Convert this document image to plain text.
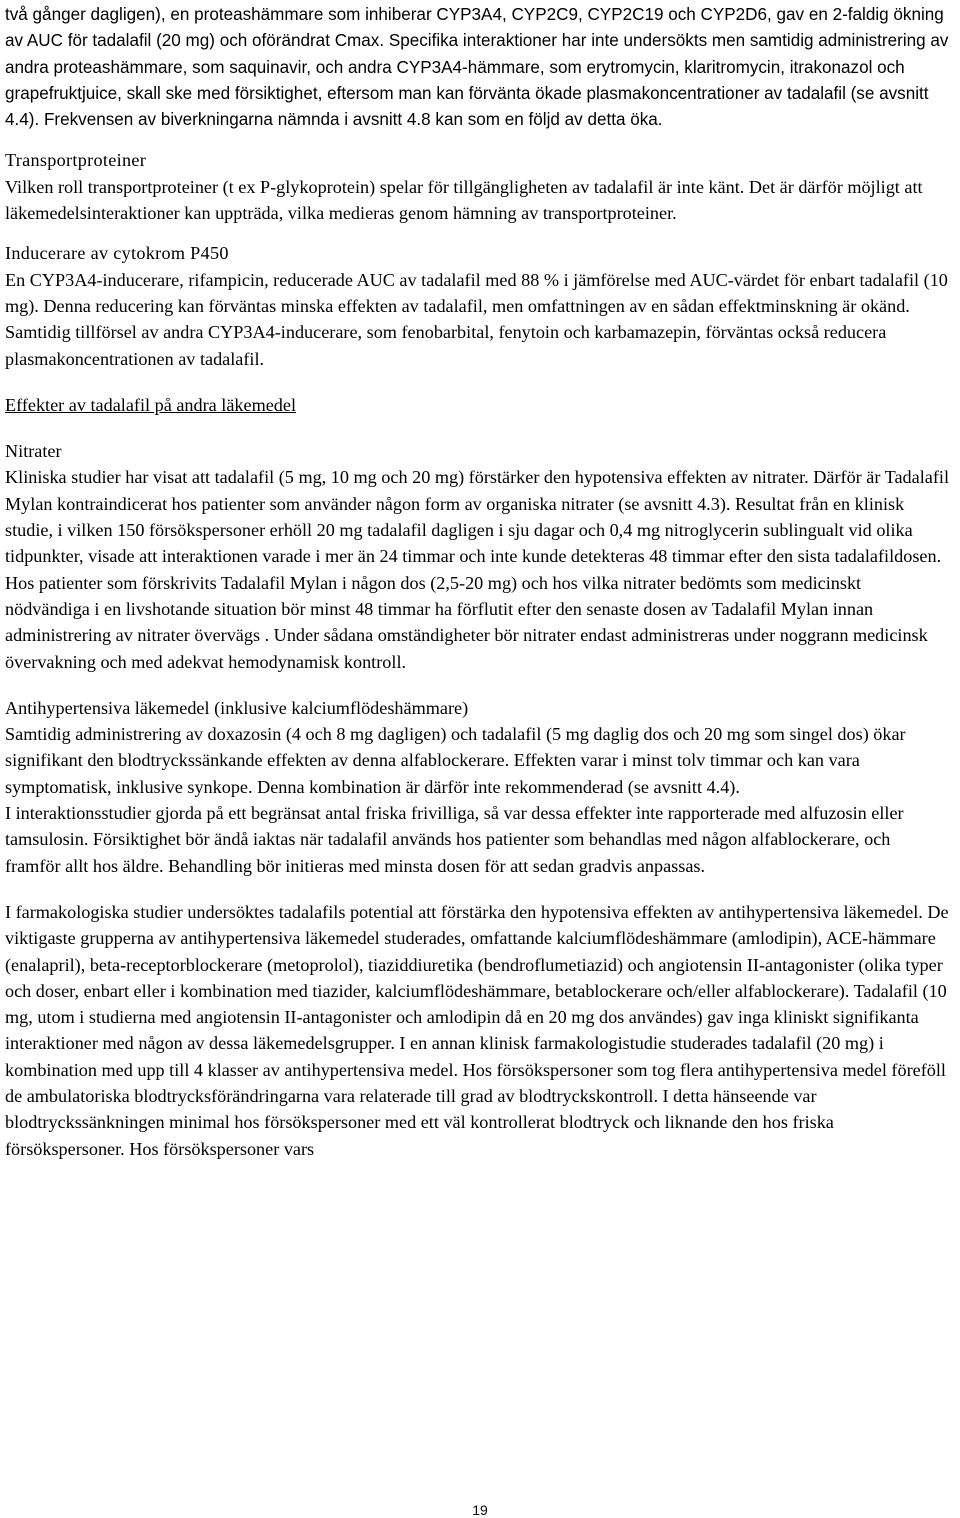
två gånger dagligen), en proteashämmare som inhiberar CYP3A4, CYP2C9, CYP2C19 och CYP2D6, gav en 2-faldig ökning av AUC för tadalafil (20 mg) och oförändrat Cmax. Specifika interaktioner har inte undersökts men samtidig administrering av andra proteashämmare, som saquinavir, och andra CYP3A4-hämmare, som erytromycin, klaritromycin, itrakonazol och grapefruktjuice, skall ske med försiktighet, eftersom man kan förvänta ökade plasmakoncentrationer av tadalafil (se avsnitt 4.4). Frekvensen av biverkningarna nämnda i avsnitt 4.8 kan som en följd av detta öka.

Transportproteiner

Vilken roll transportproteiner (t ex P-glykoprotein) spelar för tillgängligheten av tadalafil är inte känt. Det är därför möjligt att läkemedelsinteraktioner kan uppträda, vilka medieras genom hämning av transportproteiner.

Inducerare av cytokrom P450

En CYP3A4-inducerare, rifampicin, reducerade AUC av tadalafil med 88 % i jämförelse med AUC-värdet för enbart tadalafil (10 mg). Denna reducering kan förväntas minska effekten av tadalafil, men omfattningen av en sådan effektminskning är okänd. Samtidig tillförsel av andra CYP3A4-inducerare, som fenobarbital, fenytoin och karbamazepin, förväntas också reducera plasmakoncentrationen av tadalafil.

Effekter av tadalafil på andra läkemedel

Nitrater

Kliniska studier har visat att tadalafil (5 mg, 10 mg och 20 mg) förstärker den hypotensiva effekten av nitrater. Därför är Tadalafil Mylan kontraindicerat hos patienter som använder någon form av organiska nitrater (se avsnitt 4.3). Resultat från en klinisk studie, i vilken 150 försökspersoner erhöll 20 mg tadalafil dagligen i sju dagar och 0,4 mg nitroglycerin sublingualt vid olika tidpunkter, visade att interaktionen varade i mer än 24 timmar och inte kunde detekteras 48 timmar efter den sista tadalafildosen. Hos patienter som förskrivits Tadalafil Mylan i någon dos (2,5-20 mg) och hos vilka nitrater bedömts som medicinskt nödvändiga i en livshotande situation bör minst 48 timmar ha förflutit efter den senaste dosen av Tadalafil Mylan innan administrering av nitrater övervägs . Under sådana omständigheter bör nitrater endast administreras under noggrann medicinsk övervakning och med adekvat hemodynamisk kontroll.

Antihypertensiva läkemedel (inklusive kalciumflödeshämmare)

Samtidig administrering av doxazosin (4 och 8 mg dagligen) och tadalafil (5 mg daglig dos och 20 mg som singel dos) ökar signifikant den blodtryckssänkande effekten av denna alfablockerare. Effekten varar i minst tolv timmar och kan vara symptomatisk, inklusive synkope. Denna kombination är därför inte rekommenderad (se avsnitt 4.4).

I interaktionsstudier gjorda på ett begränsat antal friska frivilliga, så var dessa effekter inte rapporterade med alfuzosin eller tamsulosin. Försiktighet bör ändå iaktas när tadalafil används hos patienter som behandlas med någon alfablockerare, och framför allt hos äldre. Behandling bör initieras med minsta dosen för att sedan gradvis anpassas.

I farmakologiska studier undersöktes tadalafils potential att förstärka den hypotensiva effekten av antihypertensiva läkemedel. De viktigaste grupperna av antihypertensiva läkemedel studerades, omfattande kalciumflödeshämmare (amlodipin), ACE-hämmare (enalapril), beta-receptorblockerare (metoprolol), tiaziddiuretika (bendroflumetiazid) och angiotensin II-antagonister (olika typer och doser, enbart eller i kombination med tiazider, kalciumflödeshämmare, betablockerare och/eller alfablockerare). Tadalafil (10 mg, utom i studierna med angiotensin II-antagonister och amlodipin då en 20 mg dos användes) gav inga kliniskt signifikanta interaktioner med någon av dessa läkemedelsgrupper. I en annan klinisk farmakologistudie studerades tadalafil (20 mg) i kombination med upp till 4 klasser av antihypertensiva medel. Hos försökspersoner som tog flera antihypertensiva medel föreföll de ambulatoriska blodtrycksförändringarna vara relaterade till grad av blodtryckskontroll. I detta hänseende var blodtryckssänkningen minimal hos försökspersoner med ett väl kontrollerat blodtryck och liknande den hos friska försökspersoner. Hos försökspersoner vars

19
